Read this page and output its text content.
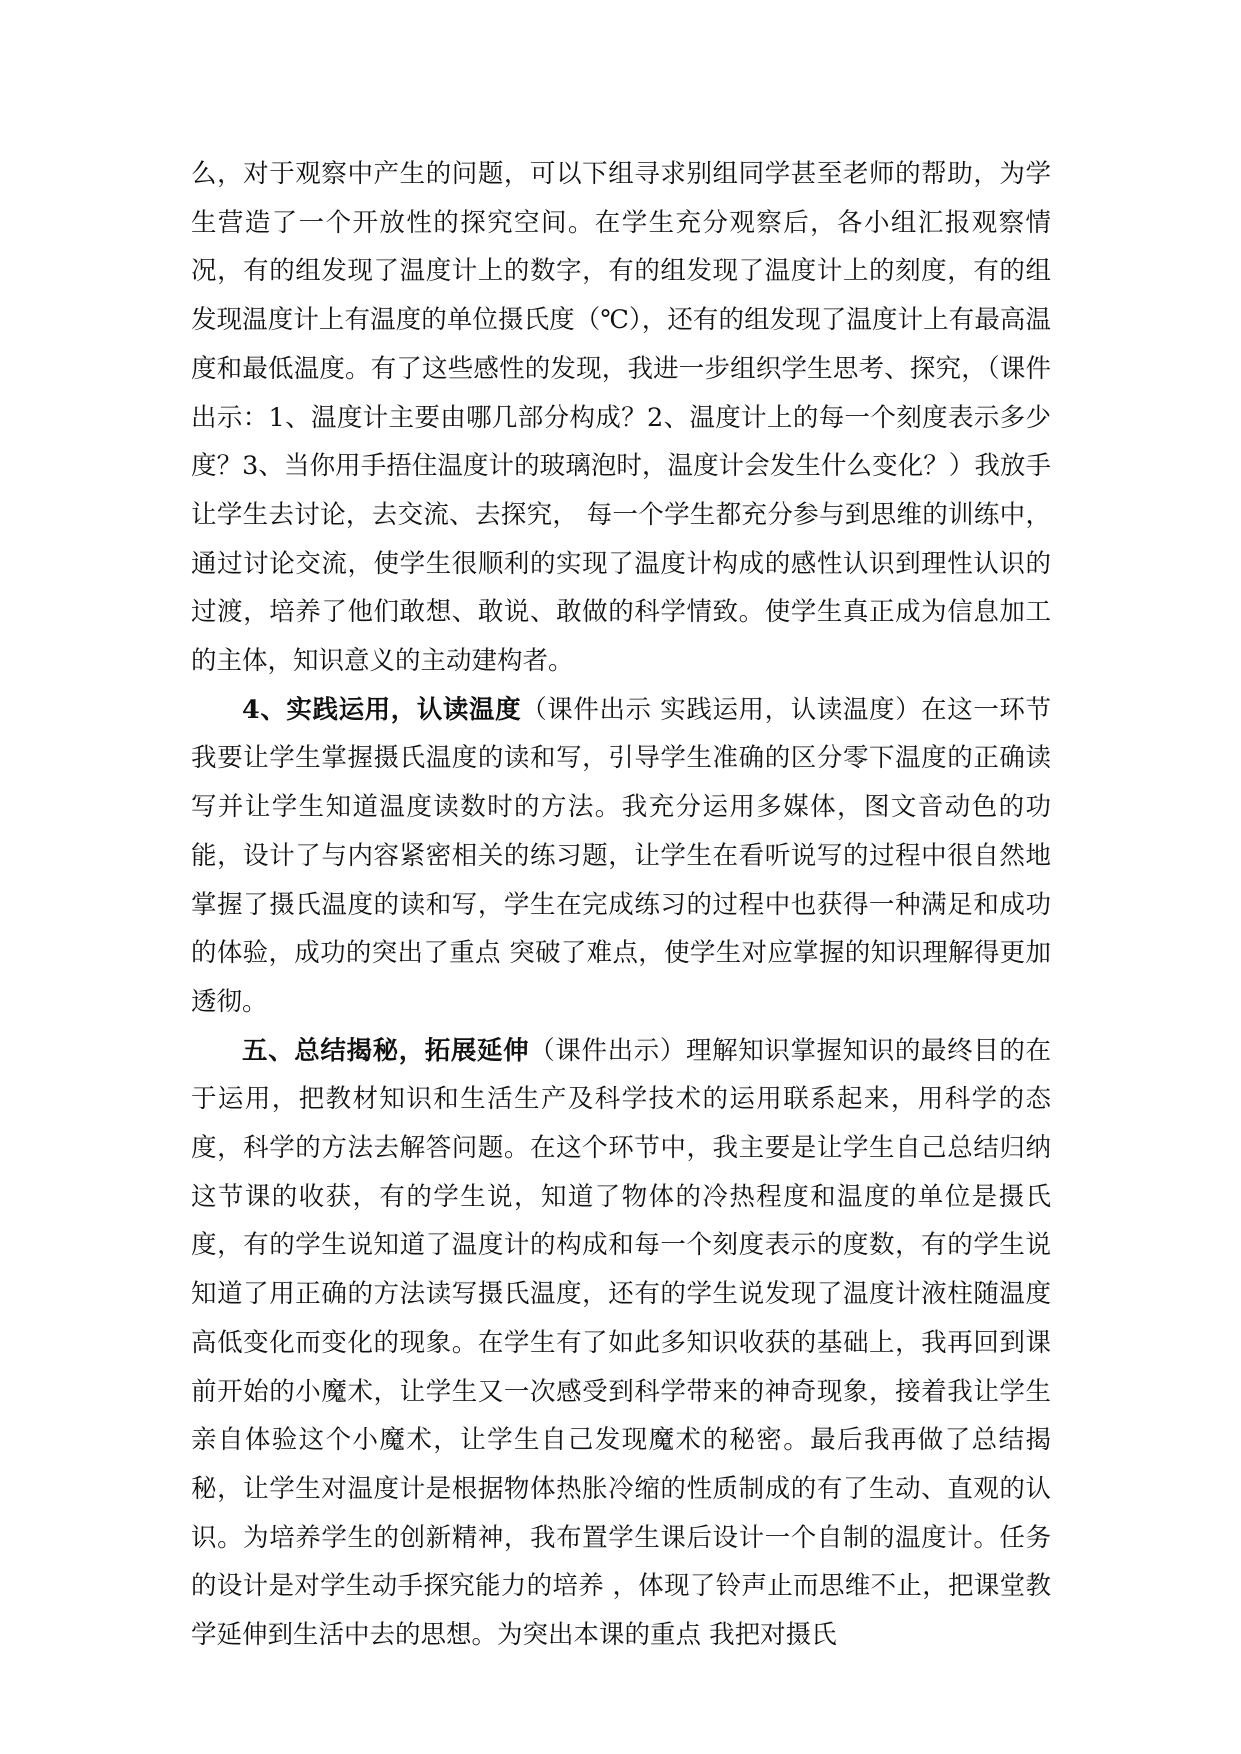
么，对于观察中产生的问题，可以下组寻求别组同学甚至老师的帮助，为学生营造了一个开放性的探究空间。在学生充分观察后，各小组汇报观察情况，有的组发现了温度计上的数字，有的组发现了温度计上的刻度，有的组发现温度计上有温度的单位摄氏度（℃），还有的组发现了温度计上有最高温度和最低温度。有了这些感性的发现，我进一步组织学生思考、探究，（课件出示：1、温度计主要由哪几部分构成？2、温度计上的每一个刻度表示多少度？3、当你用手捂住温度计的玻璃泡时，温度计会发生什么变化？）我放手让学生去讨论，去交流、去探究， 每一个学生都充分参与到思维的训练中，通过讨论交流，使学生很顺利的实现了温度计构成的感性认识到理性认识的过渡，培养了他们敢想、敢说、敢做的科学情致。使学生真正成为信息加工的主体，知识意义的主动建构者。

4、实践运用，认读温度（课件出示 实践运用，认读温度）在这一环节我要让学生掌握摄氏温度的读和写，引导学生准确的区分零下温度的正确读写并让学生知道温度读数时的方法。我充分运用多媒体，图文音动色的功能，设计了与内容紧密相关的练习题，让学生在看听说写的过程中很自然地掌握了摄氏温度的读和写，学生在完成练习的过程中也获得一种满足和成功的体验，成功的突出了重点 突破了难点，使学生对应掌握的知识理解得更加透彻。

五、总结揭秘，拓展延伸（课件出示）理解知识掌握知识的最终目的在于运用，把教材知识和生活生产及科学技术的运用联系起来，用科学的态度，科学的方法去解答问题。在这个环节中，我主要是让学生自己总结归纳这节课的收获，有的学生说，知道了物体的冷热程度和温度的单位是摄氏度，有的学生说知道了温度计的构成和每一个刻度表示的度数，有的学生说知道了用正确的方法读写摄氏温度，还有的学生说发现了温度计液柱随温度高低变化而变化的现象。在学生有了如此多知识收获的基础上，我再回到课前开始的小魔术，让学生又一次感受到科学带来的神奇现象，接着我让学生亲自体验这个小魔术，让学生自己发现魔术的秘密。最后我再做了总结揭秘，让学生对温度计是根据物体热胀冷缩的性质制成的有了生动、直观的认识。为培养学生的创新精神，我布置学生课后设计一个自制的温度计。任务的设计是对学生动手探究能力的培养 ，体现了铃声止而思维不止，把课堂教学延伸到生活中去的思想。为突出本课的重点 我把对摄氏
